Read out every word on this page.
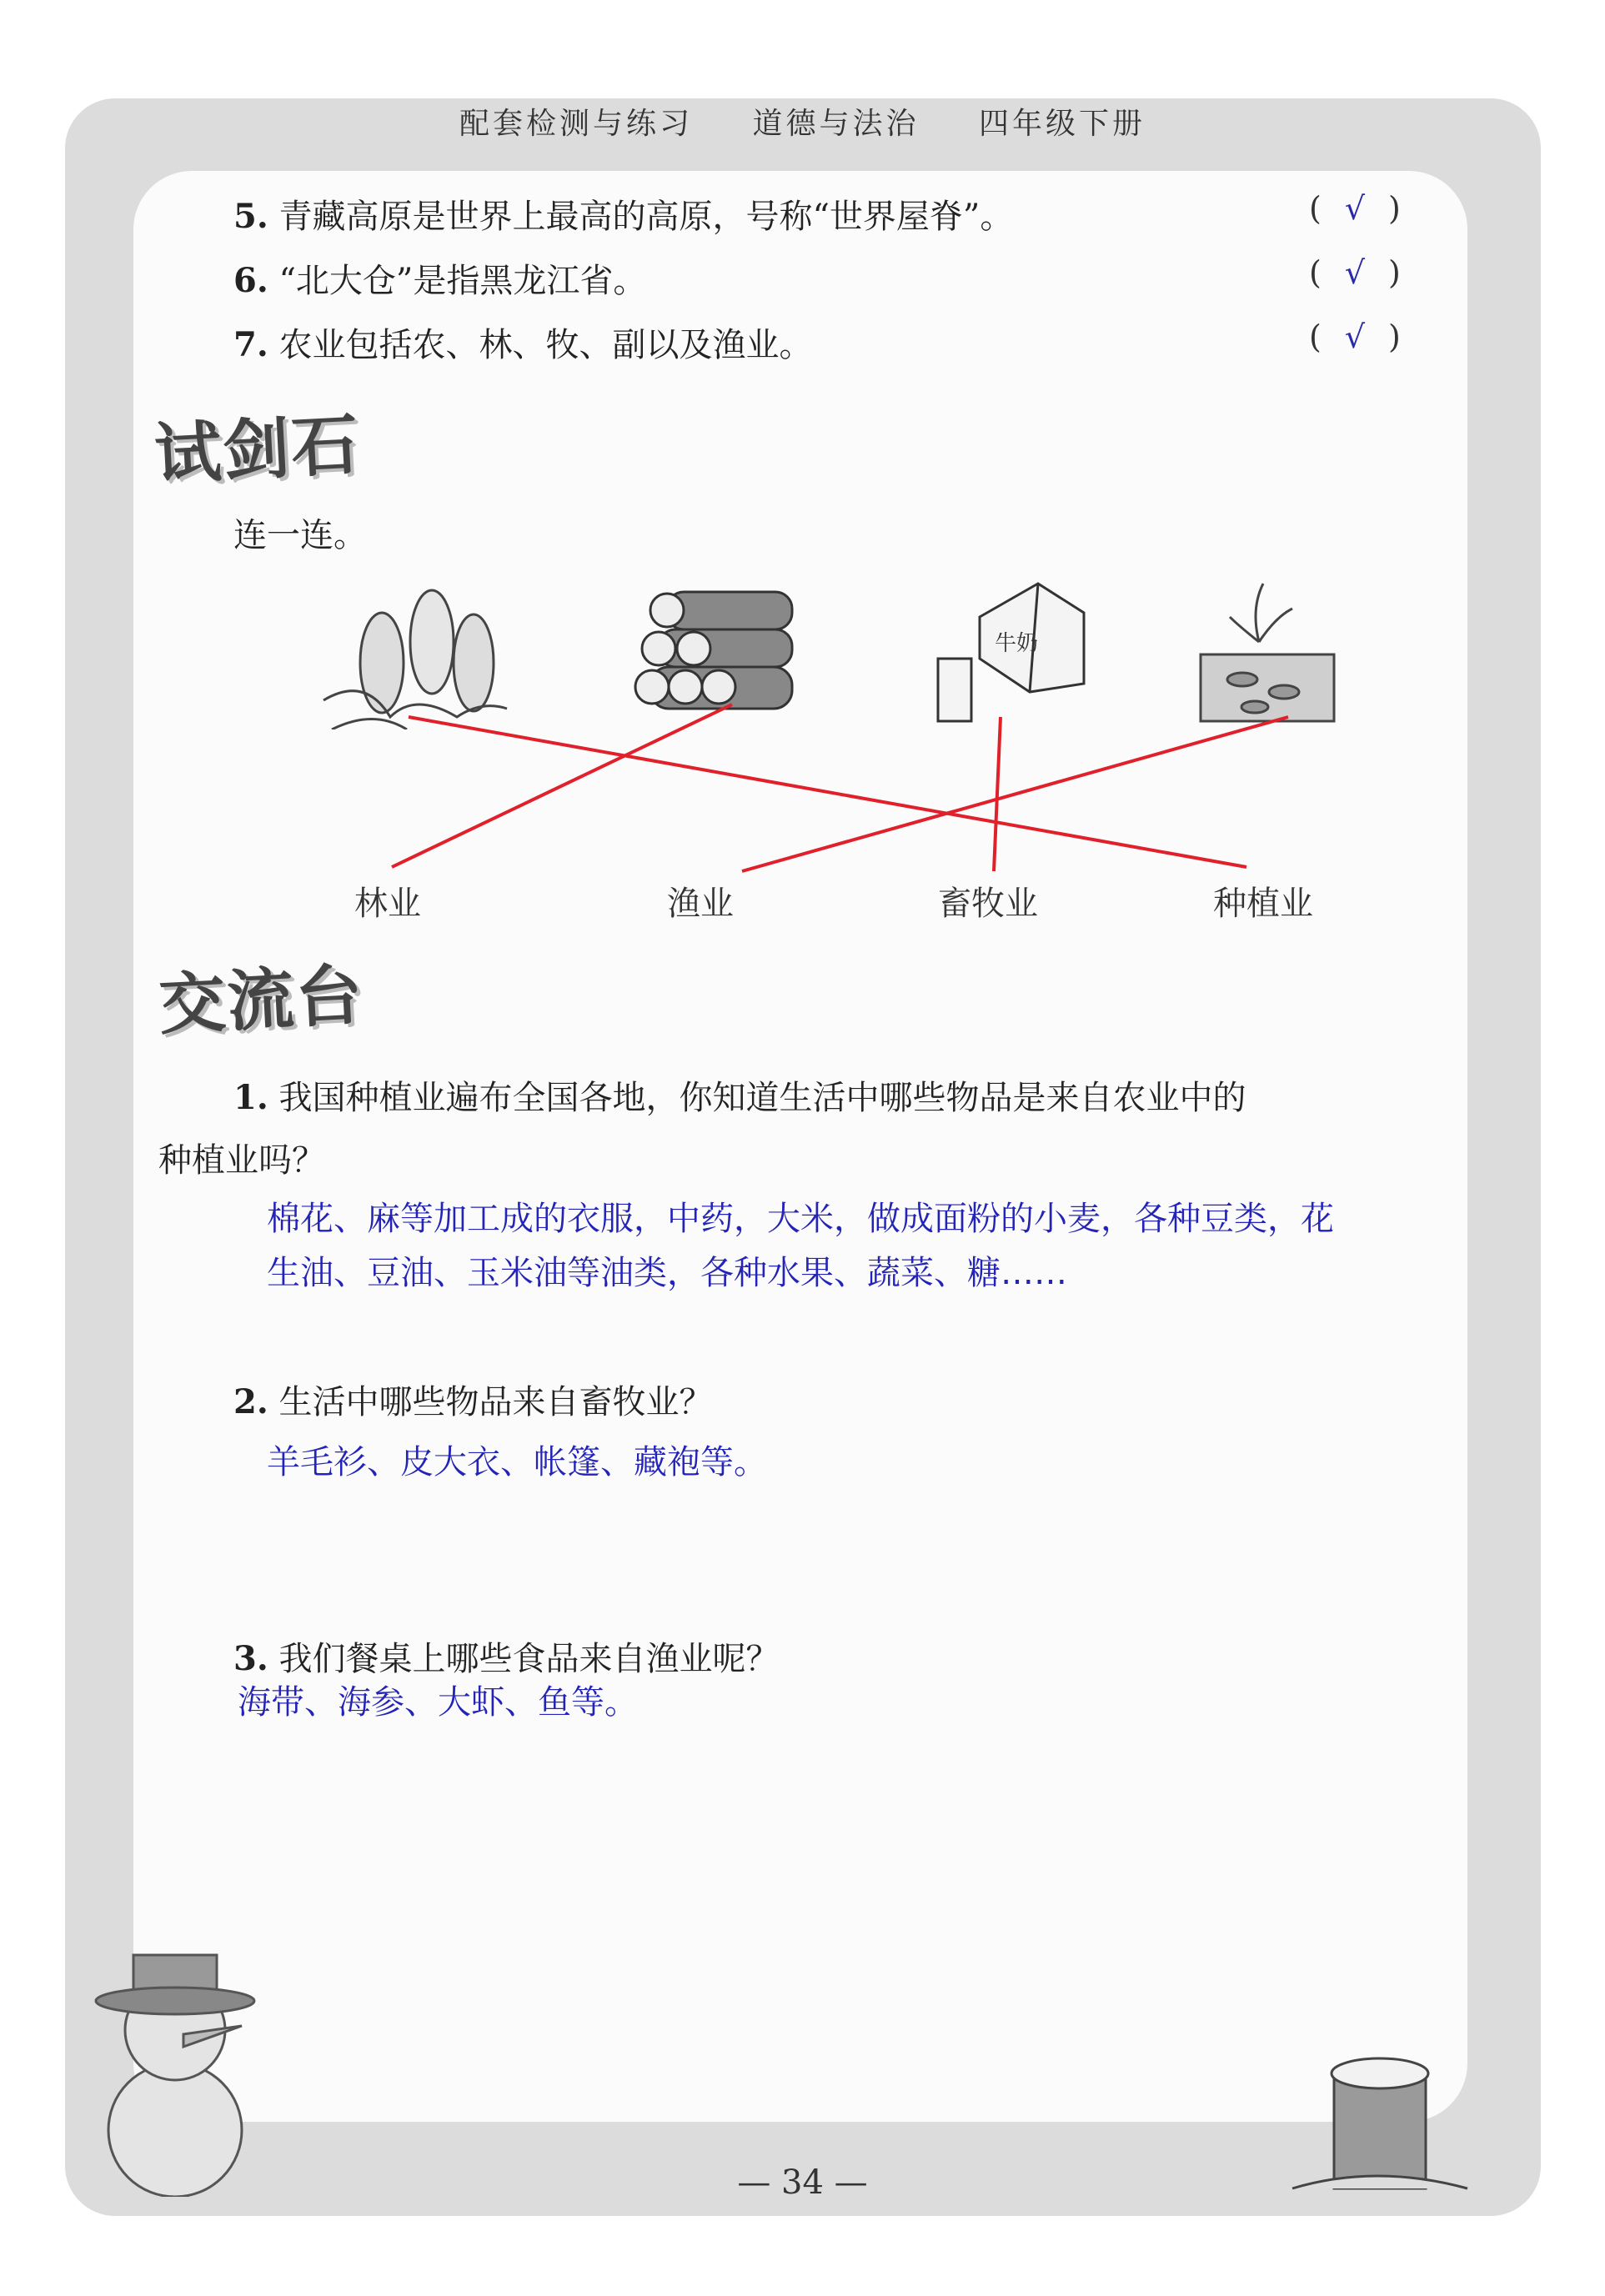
配套检测与练习 道德与法治 四年级下册
5. 青藏高原是世界上最高的高原，号称“世界屋脊”。	( √ )
6. “北大仓”是指黑龙江省。	( √ )
7. 农业包括农、林、牧、副以及渔业。	( √ )
试剑石
连一连。
牛奶
林业	渔业	畜牧业	种植业
交流台
1. 我国种植业遍布全国各地，你知道生活中哪些物品是来自农业中的
种植业吗？
棉花、麻等加工成的衣服，中药，大米，做成面粉的小麦，各种豆类，花
生油、豆油、玉米油等油类，各种水果、蔬菜、糖……
2. 生活中哪些物品来自畜牧业？
羊毛衫、皮大衣、帐篷、藏袍等。
3. 我们餐桌上哪些食品来自渔业呢？
海带、海参、大虾、鱼等。
— 34 —
